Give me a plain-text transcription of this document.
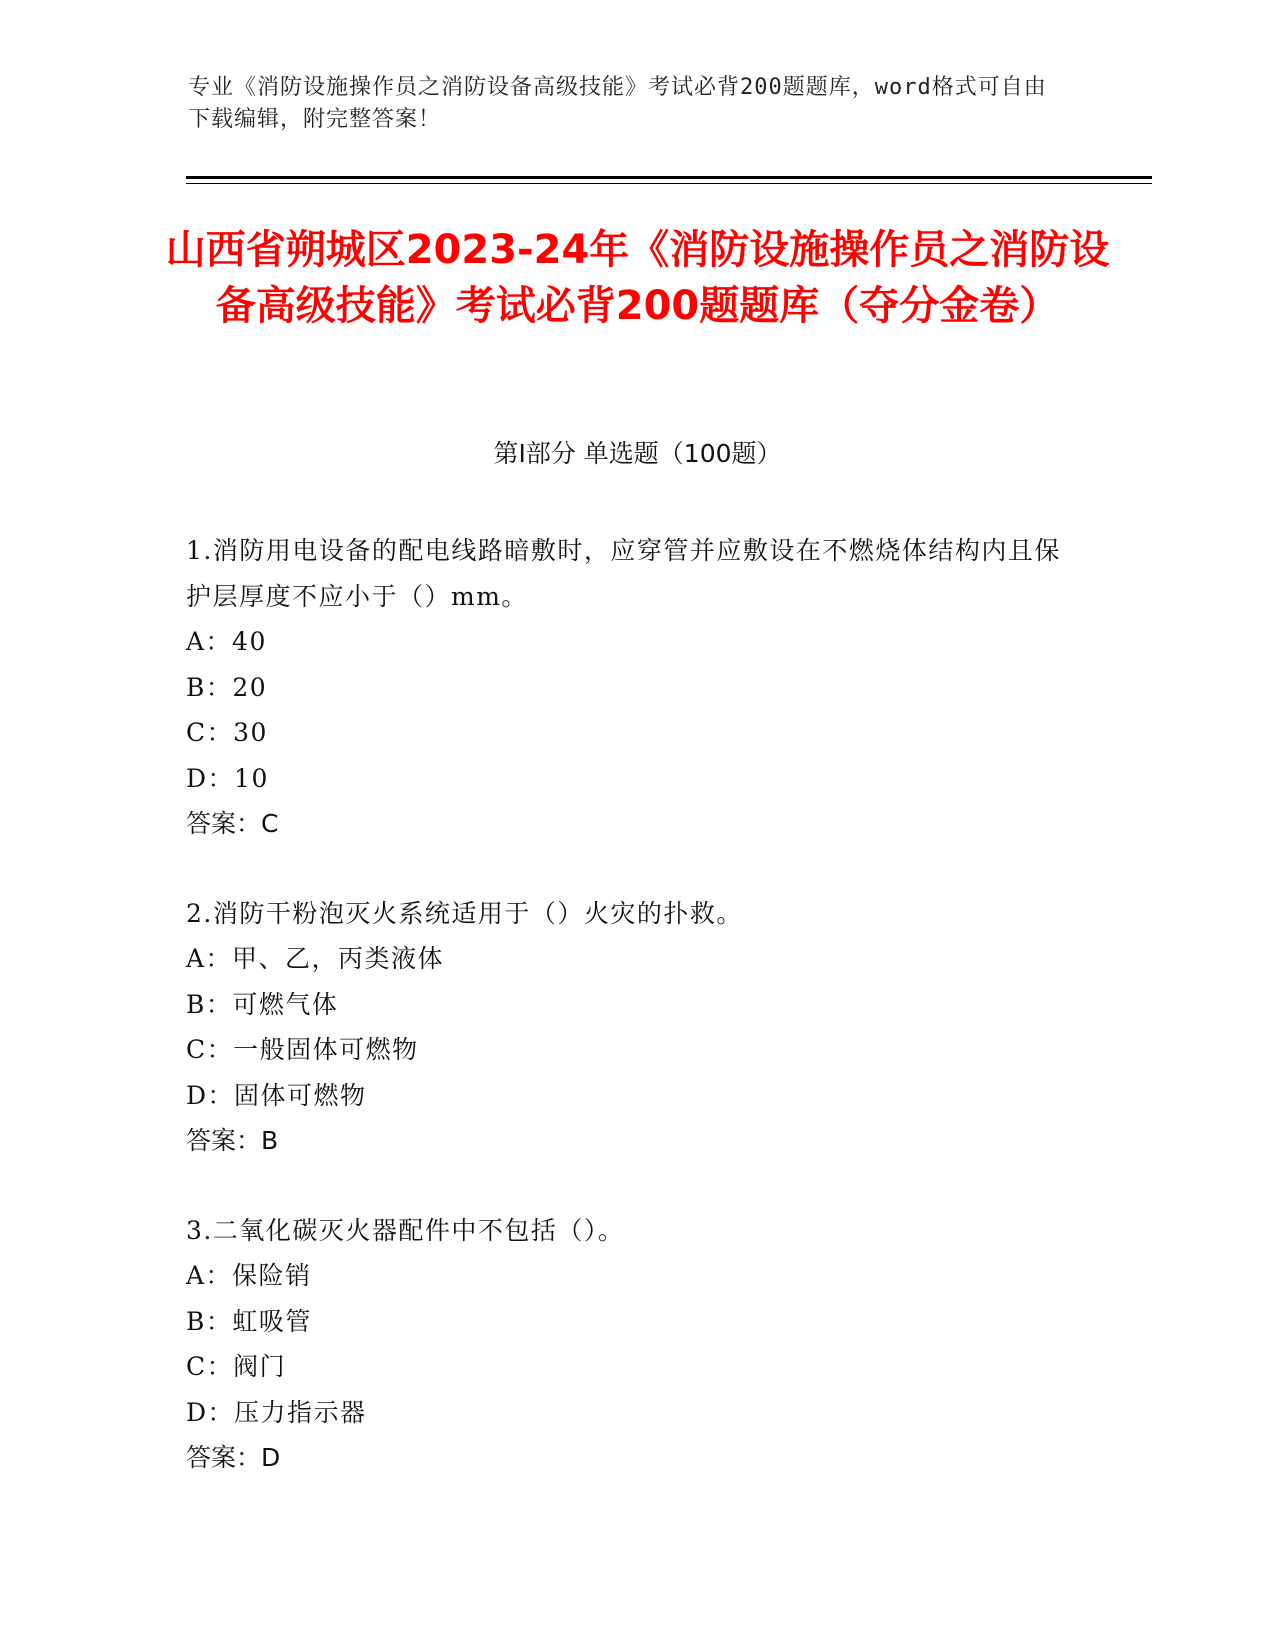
专业《消防设施操作员之消防设备高级技能》考试必背200题题库，word格式可自由下载编辑，附完整答案！
山西省朔城区2023-24年《消防设施操作员之消防设备高级技能》考试必背200题题库（夺分金卷）
第I部分 单选题（100题）
1.消防用电设备的配电线路暗敷时，应穿管并应敷设在不燃烧体结构内且保护层厚度不应小于（）mm。
A：40
B：20
C：30
D：10
答案：C
2.消防干粉泡灭火系统适用于（）火灾的扑救。
A：甲、乙，丙类液体
B：可燃气体
C：一般固体可燃物
D：固体可燃物
答案：B
3.二氧化碳灭火器配件中不包括（）。
A：保险销
B：虹吸管
C：阀门
D：压力指示器
答案：D
